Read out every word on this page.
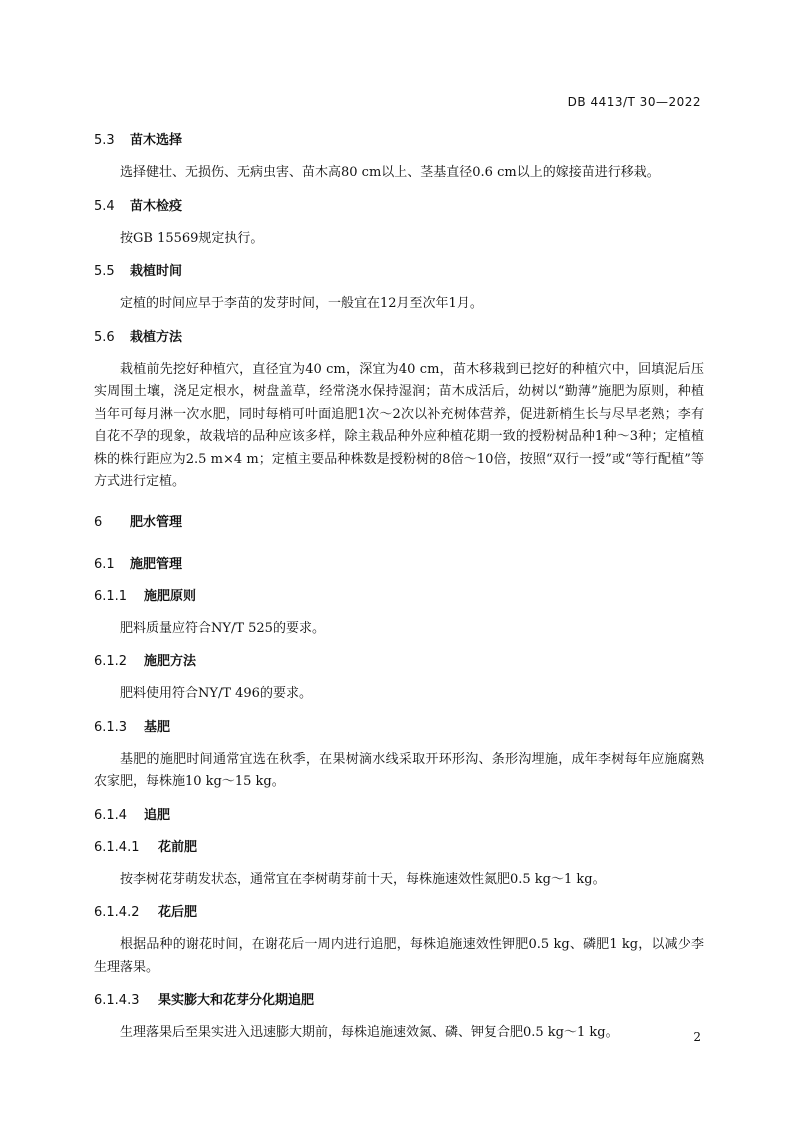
DB 4413/T 30—2022
5.3 苗木选择
选择健壮、无损伤、无病虫害、苗木高80 cm以上、茎基直径0.6 cm以上的嫁接苗进行移栽。
5.4 苗木检疫
按GB 15569规定执行。
5.5 栽植时间
定植的时间应早于李苗的发芽时间，一般宜在12月至次年1月。
5.6 栽植方法
栽植前先挖好种植穴，直径宜为40 cm，深宜为40 cm，苗木移栽到已挖好的种植穴中，回填泥后压实周围土壤，浇足定根水，树盘盖草，经常浇水保持湿润；苗木成活后，幼树以“勤薄”施肥为原则，种植当年可每月淋一次水肥，同时每梢可叶面追肥1次～2次以补充树体营养，促进新梢生长与尽早老熟；李有自花不孕的现象，故栽培的品种应该多样，除主栽品种外应种植花期一致的授粉树品种1种～3种；定植植株的株行距应为2.5 m×4 m；定植主要品种株数是授粉树的8倍～10倍，按照“双行一授”或“等行配植”等方式进行定植。
6 肥水管理
6.1 施肥管理
6.1.1 施肥原则
肥料质量应符合NY/T 525的要求。
6.1.2 施肥方法
肥料使用符合NY/T 496的要求。
6.1.3 基肥
基肥的施肥时间通常宜选在秋季，在果树滴水线采取开环形沟、条形沟埋施，成年李树每年应施腐熟农家肥，每株施10 kg～15 kg。
6.1.4 追肥
6.1.4.1 花前肥
按李树花芽萌发状态，通常宜在李树萌芽前十天，每株施速效性氮肥0.5 kg～1 kg。
6.1.4.2 花后肥
根据品种的谢花时间，在谢花后一周内进行追肥，每株追施速效性钾肥0.5 kg、磷肥1 kg，以减少李生理落果。
6.1.4.3 果实膨大和花芽分化期追肥
生理落果后至果实进入迅速膨大期前，每株追施速效氮、磷、钾复合肥0.5 kg～1 kg。	2
